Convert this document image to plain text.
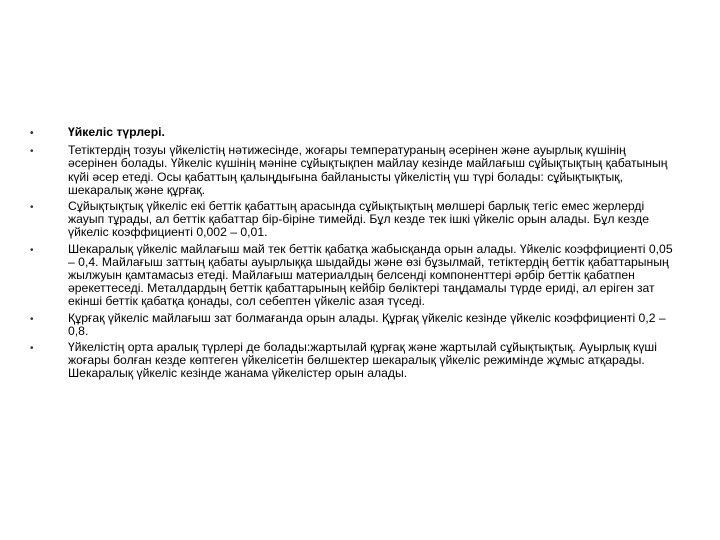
• Үйкеліс түрлері.
• Тетіктердің тозуы үйкелістің нәтижесінде, жоғары температураның әсерінен және ауырлық күшінің әсерінен болады. Үйкеліс күшінің мәніне сұйықтықпен майлау кезінде майлағыш сұйықтықтың қабатының күйі әсер етеді. Осы қабаттың қалыңдығына байланысты үйкелістің үш түрі болады: сұйықтықтық, шекаралық және құрғақ.
• Сұйықтықтық үйкеліс екі беттік қабаттың арасында сұйықтықтың мөлшері барлық тегіс емес жерлерді жауып тұрады, ал беттік қабаттар бір-біріне тимейді. Бұл кезде тек ішкі үйкеліс орын алады. Бұл кезде үйкеліс коэффициенті 0,002 – 0,01.
• Шекаралық үйкеліс майлағыш май тек беттік қабатқа жабысқанда орын алады. Үйкеліс коэффициенті 0,05 – 0,4. Майлағыш заттың қабаты ауырлыққа шыдайды және өзі бұзылмай, тетіктердің беттік қабаттарының жылжуын қамтамасыз етеді. Майлағыш материалдың белсенді компоненттері әрбір беттік қабатпен әрекеттеседі. Металдардың беттік қабаттарының кейбір бөліктері таңдамалы түрде ериді, ал еріген зат екінші беттік қабатқа қонады, сол себептен үйкеліс азая түседі.
• Құрғақ үйкеліс майлағыш зат болмағанда орын алады. Құрғақ үйкеліс кезінде үйкеліс коэффициенті 0,2 – 0,8.
• Үйкелістің орта аралық түрлері де болады:жартылай құрғақ және жартылай сұйықтықтық. Ауырлық күші жоғары болған кезде көптеген үйкелісетін бөлшектер шекаралық үйкеліс режимінде жұмыс атқарады. Шекаралық үйкеліс кезінде жанама үйкелістер орын алады.
